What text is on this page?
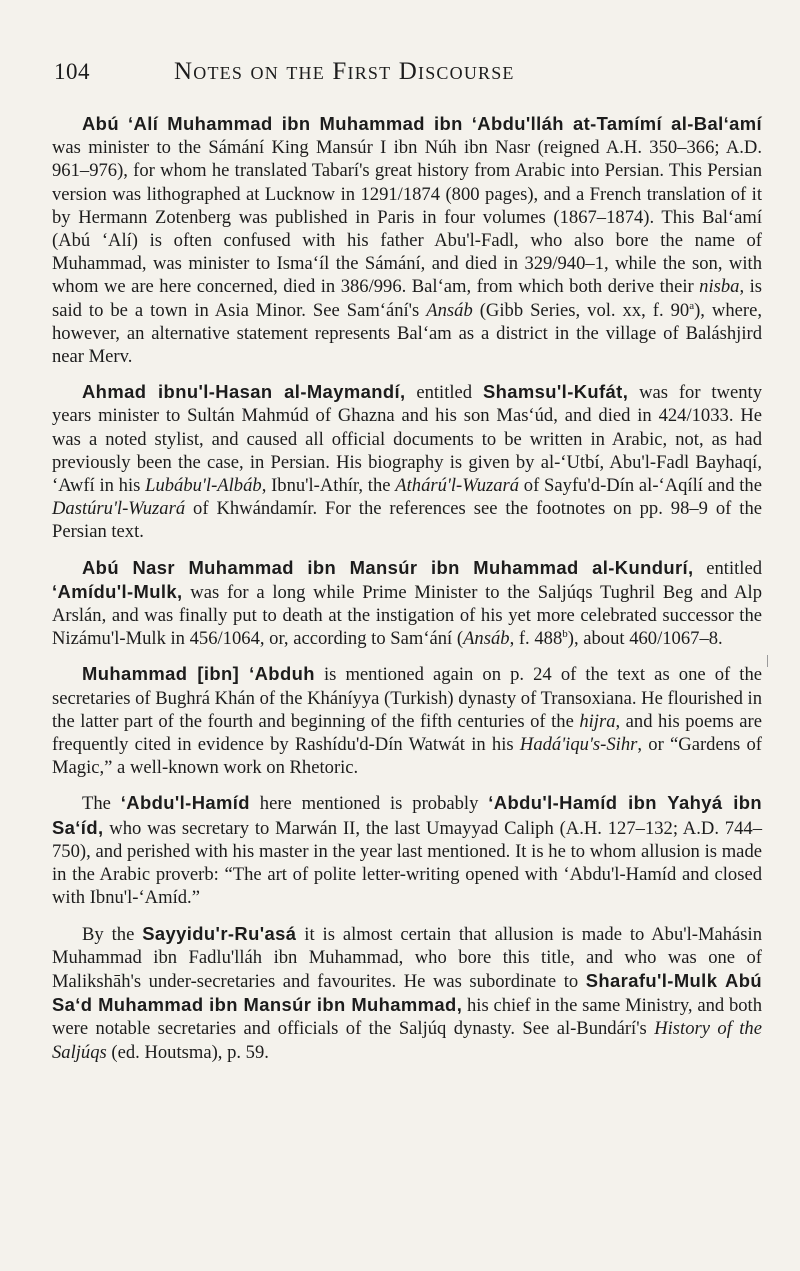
104	Notes on the First Discourse

Abú ʻAlí Muhammad ibn Muhammad ibn ʻAbdu'lláh at-Tamímí al-Balʻamí was minister to the Sámání King Mansúr I ibn Núh ibn Nasr (reigned A.H. 350–366; A.D. 961–976), for whom he translated Tabarí's great history from Arabic into Persian. This Persian version was lithographed at Lucknow in 1291/1874 (800 pages), and a French translation of it by Hermann Zotenberg was published in Paris in four volumes (1867–1874). This Balʻamí (Abú ʻAlí) is often confused with his father Abu'l-Fadl, who also bore the name of Muhammad, was minister to Ismaʻíl the Sámání, and died in 329/940–1, while the son, with whom we are here concerned, died in 386/996. Balʻam, from which both derive their nisba, is said to be a town in Asia Minor. See Samʻání's Ansáb (Gibb Series, vol. xx, f. 90$^a$), where, however, an alternative statement represents Balʻam as a district in the village of Baláshjird near Merv.

Ahmad ibnu'l-Hasan al-Maymandí, entitled Shamsu'l-Kufát, was for twenty years minister to Sultán Mahmúd of Ghazna and his son Masʻúd, and died in 424/1033. He was a noted stylist, and caused all official documents to be written in Arabic, not, as had previously been the case, in Persian. His biography is given by al-ʻUtbí, Abu'l-Fadl Bayhaqí, ʻAwfí in his Lubábu'l-Albáb, Ibnu'l-Athír, the Athárú'l-Wuzará of Sayfu'd-Dín al-ʻAqílí and the Dastúru'l-Wuzará of Khwándamír. For the references see the footnotes on pp. 98–9 of the Persian text.

Abú Nasr Muhammad ibn Mansúr ibn Muhammad al-Kundurí, entitled ʻAmídu'l-Mulk, was for a long while Prime Minister to the Saljúqs Tughril Beg and Alp Arslán, and was finally put to death at the instigation of his yet more celebrated successor the Nizámu'l-Mulk in 456/1064, or, according to Samʻání (Ansáb, f. 488$^b$), about 460/1067–8.

Muhammad [ibn] ʻAbduh is mentioned again on p. 24 of the text as one of the secretaries of Bughrá Khán of the Kháníyya (Turkish) dynasty of Transoxiana. He flourished in the latter part of the fourth and beginning of the fifth centuries of the hijra, and his poems are frequently cited in evidence by Rashídu'd-Dín Watwát in his Hadá'iqu's-Sihr, or “Gardens of Magic,” a well-known work on Rhetoric.

The ʻAbdu'l-Hamíd here mentioned is probably ʻAbdu'l-Hamíd ibn Yahyá ibn Saʻíd, who was secretary to Marwán II, the last Umayyad Caliph (A.H. 127–132; A.D. 744–750), and perished with his master in the year last mentioned. It is he to whom allusion is made in the Arabic proverb: “The art of polite letter-writing opened with ʻAbdu'l-Hamíd and closed with Ibnu'l-ʻAmíd.”

By the Sayyidu'r-Ru'asá it is almost certain that allusion is made to Abu'l-Mahásin Muhammad ibn Fadlu'lláh ibn Muhammad, who bore this title, and who was one of Malikshāh's under-secretaries and favourites. He was subordinate to Sharafu'l-Mulk Abú Saʻd Muhammad ibn Mansúr ibn Muhammad, his chief in the same Ministry, and both were notable secretaries and officials of the Saljúq dynasty. See al-Bundárí's History of the Saljúqs (ed. Houtsma), p. 59.
